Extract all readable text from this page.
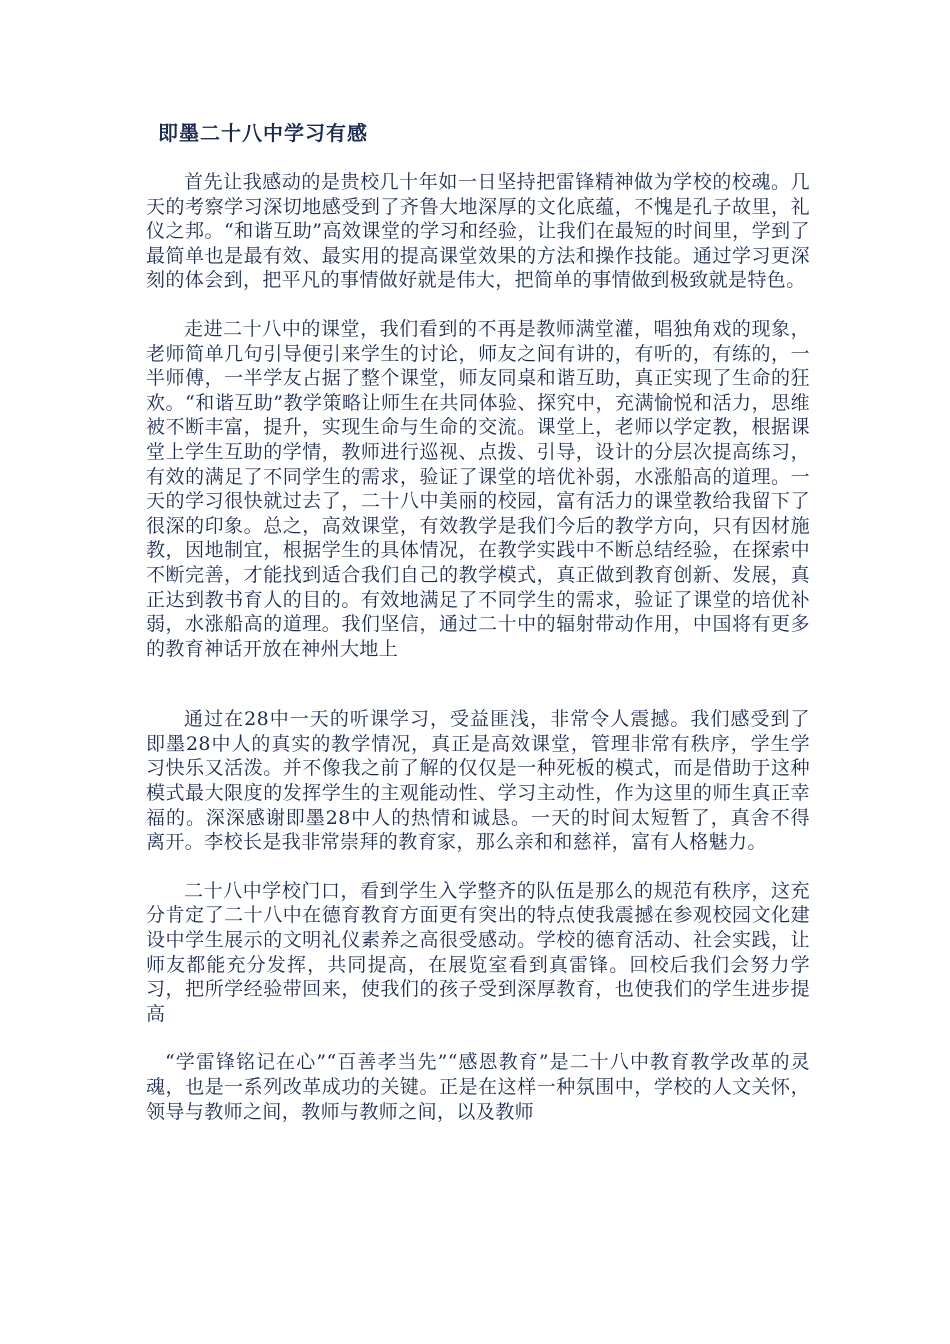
即墨二十八中学习有感

首先让我感动的是贵校几十年如一日坚持把雷锋精神做为学校的校魂。几天的考察学习深切地感受到了齐鲁大地深厚的文化底蕴，不愧是孔子故里，礼仪之邦。“和谐互助”高效课堂的学习和经验，让我们在最短的时间里，学到了最简单也是最有效、最实用的提高课堂效果的方法和操作技能。通过学习更深刻的体会到，把平凡的事情做好就是伟大，把简单的事情做到极致就是特色。

走进二十八中的课堂，我们看到的不再是教师满堂灌，唱独角戏的现象，老师简单几句引导便引来学生的讨论，师友之间有讲的，有听的，有练的，一半师傅，一半学友占据了整个课堂，师友同桌和谐互助，真正实现了生命的狂欢。“和谐互助”教学策略让师生在共同体验、探究中，充满愉悦和活力，思维被不断丰富，提升，实现生命与生命的交流。课堂上，老师以学定教，根据课堂上学生互助的学情，教师进行巡视、点拨、引导，设计的分层次提高练习，有效的满足了不同学生的需求，验证了课堂的培优补弱，水涨船高的道理。一天的学习很快就过去了，二十八中美丽的校园，富有活力的课堂教给我留下了很深的印象。总之，高效课堂，有效教学是我们今后的教学方向，只有因材施教，因地制宜，根据学生的具体情况，在教学实践中不断总结经验，在探索中不断完善，才能找到适合我们自己的教学模式，真正做到教育创新、发展，真正达到教书育人的目的。有效地满足了不同学生的需求，验证了课堂的培优补弱，水涨船高的道理。我们坚信，通过二十中的辐射带动作用，中国将有更多的教育神话开放在神州大地上

通过在28中一天的听课学习，受益匪浅，非常令人震撼。我们感受到了即墨28中人的真实的教学情况，真正是高效课堂，管理非常有秩序，学生学习快乐又活泼。并不像我之前了解的仅仅是一种死板的模式，而是借助于这种模式最大限度的发挥学生的主观能动性、学习主动性，作为这里的师生真正幸福的。深深感谢即墨28中人的热情和诚恳。一天的时间太短暂了，真舍不得离开。李校长是我非常崇拜的教育家，那么亲和和慈祥，富有人格魅力。

二十八中学校门口，看到学生入学整齐的队伍是那么的规范有秩序，这充分肯定了二十八中在德育教育方面更有突出的特点使我震撼在参观校园文化建设中学生展示的文明礼仪素养之高很受感动。学校的德育活动、社会实践，让师友都能充分发挥，共同提高，在展览室看到真雷锋。回校后我们会努力学习，把所学经验带回来，使我们的孩子受到深厚教育，也使我们的学生进步提高

“学雷锋铭记在心”“百善孝当先”“感恩教育”是二十八中教育教学改革的灵魂，也是一系列改革成功的关键。正是在这样一种氛围中，学校的人文关怀，领导与教师之间，教师与教师之间，以及教师
